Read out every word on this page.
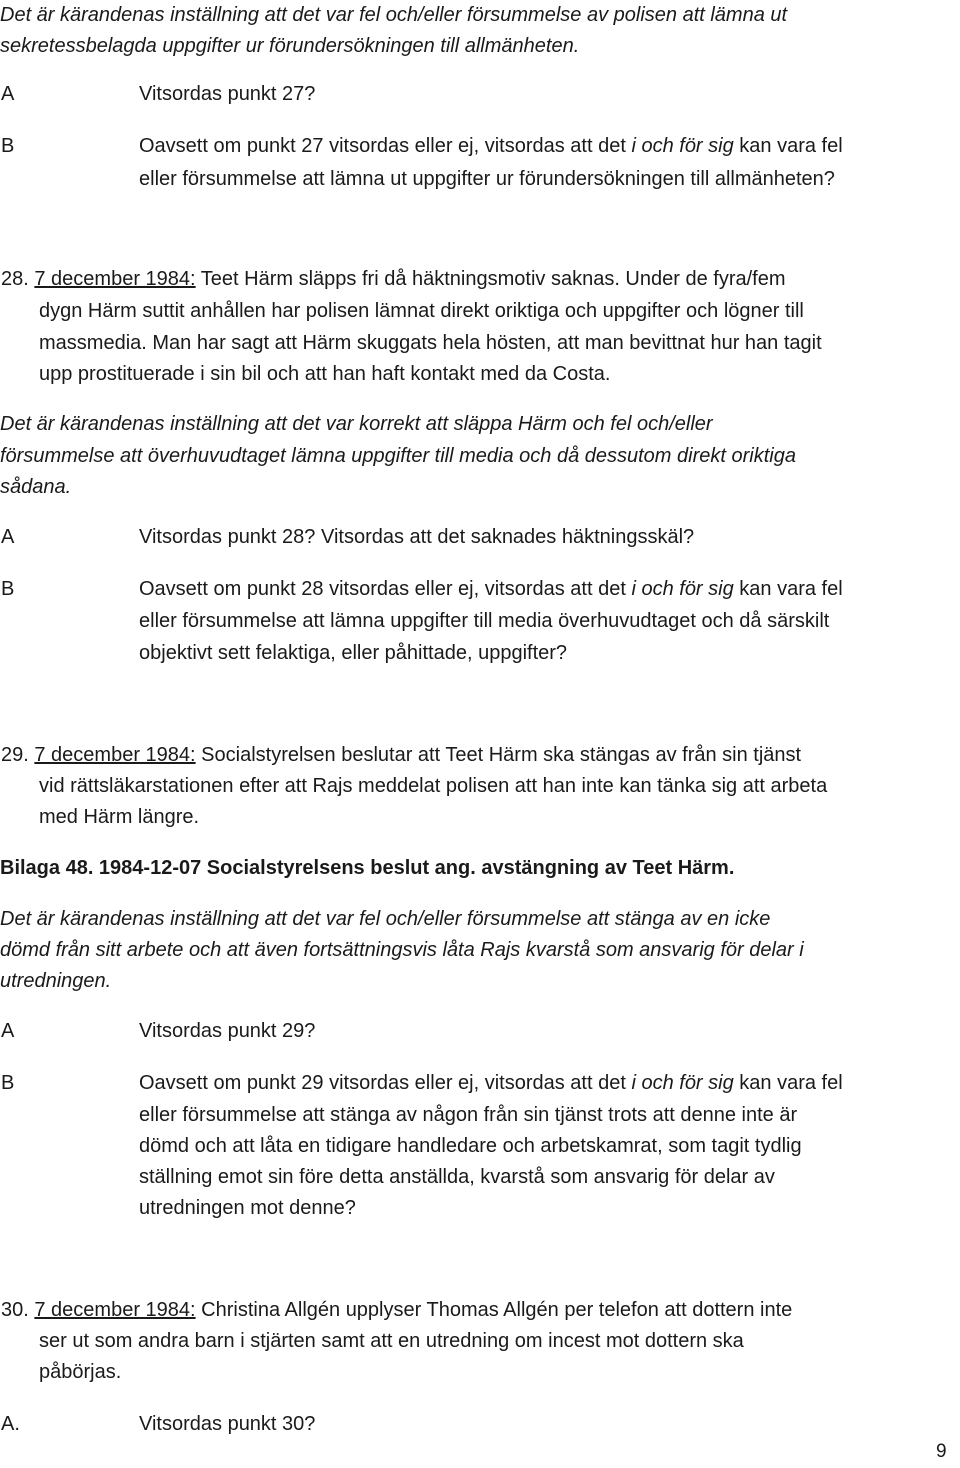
Det är kärandenas inställning att det var fel och/eller försummelse av polisen att lämna ut
sekretessbelagda uppgifter ur förundersökningen till allmänheten.
A	Vitsordas punkt 27?
B	Oavsett om punkt 27 vitsordas eller ej, vitsordas att det i och för sig kan vara fel
eller försummelse att lämna ut uppgifter ur förundersökningen till allmänheten?
28. 7 december 1984: Teet Härm släpps fri då häktningsmotiv saknas. Under de fyra/fem
dygn Härm suttit anhållen har polisen lämnat direkt oriktiga och uppgifter och lögner till
massmedia. Man har sagt att Härm skuggats hela hösten, att man bevittnat hur han tagit
upp prostituerade i sin bil och att han haft kontakt med da Costa.
Det är kärandenas inställning att det var korrekt att släppa Härm och fel och/eller
försummelse att överhuvudtaget lämna uppgifter till media och då dessutom direkt oriktiga
sådana.
A	Vitsordas punkt 28? Vitsordas att det saknades häktningsskäl?
B	Oavsett om punkt 28 vitsordas eller ej, vitsordas att det i och för sig kan vara fel
eller försummelse att lämna uppgifter till media överhuvudtaget och då särskilt
objektivt sett felaktiga, eller påhittade, uppgifter?
29. 7 december 1984: Socialstyrelsen beslutar att Teet Härm ska stängas av från sin tjänst
vid rättsläkarstationen efter att Rajs meddelat polisen att han inte kan tänka sig att arbeta
med Härm längre.
Bilaga 48. 1984-12-07 Socialstyrelsens beslut ang. avstängning av Teet Härm.
Det är kärandenas inställning att det var fel och/eller försummelse att stänga av en icke
dömd från sitt arbete och att även fortsättningsvis låta Rajs kvarstå som ansvarig för delar i
utredningen.
A	Vitsordas punkt 29?
B	Oavsett om punkt 29 vitsordas eller ej, vitsordas att det i och för sig kan vara fel
eller försummelse att stänga av någon från sin tjänst trots att denne inte är
dömd och att låta en tidigare handledare och arbetskamrat, som tagit tydlig
ställning emot sin före detta anställda, kvarstå som ansvarig för delar av
utredningen mot denne?
30. 7 december 1984: Christina Allgén upplyser Thomas Allgén per telefon att dottern inte
ser ut som andra barn i stjärten samt att en utredning om incest mot dottern ska
påbörjas.
A.	Vitsordas punkt 30?
9
